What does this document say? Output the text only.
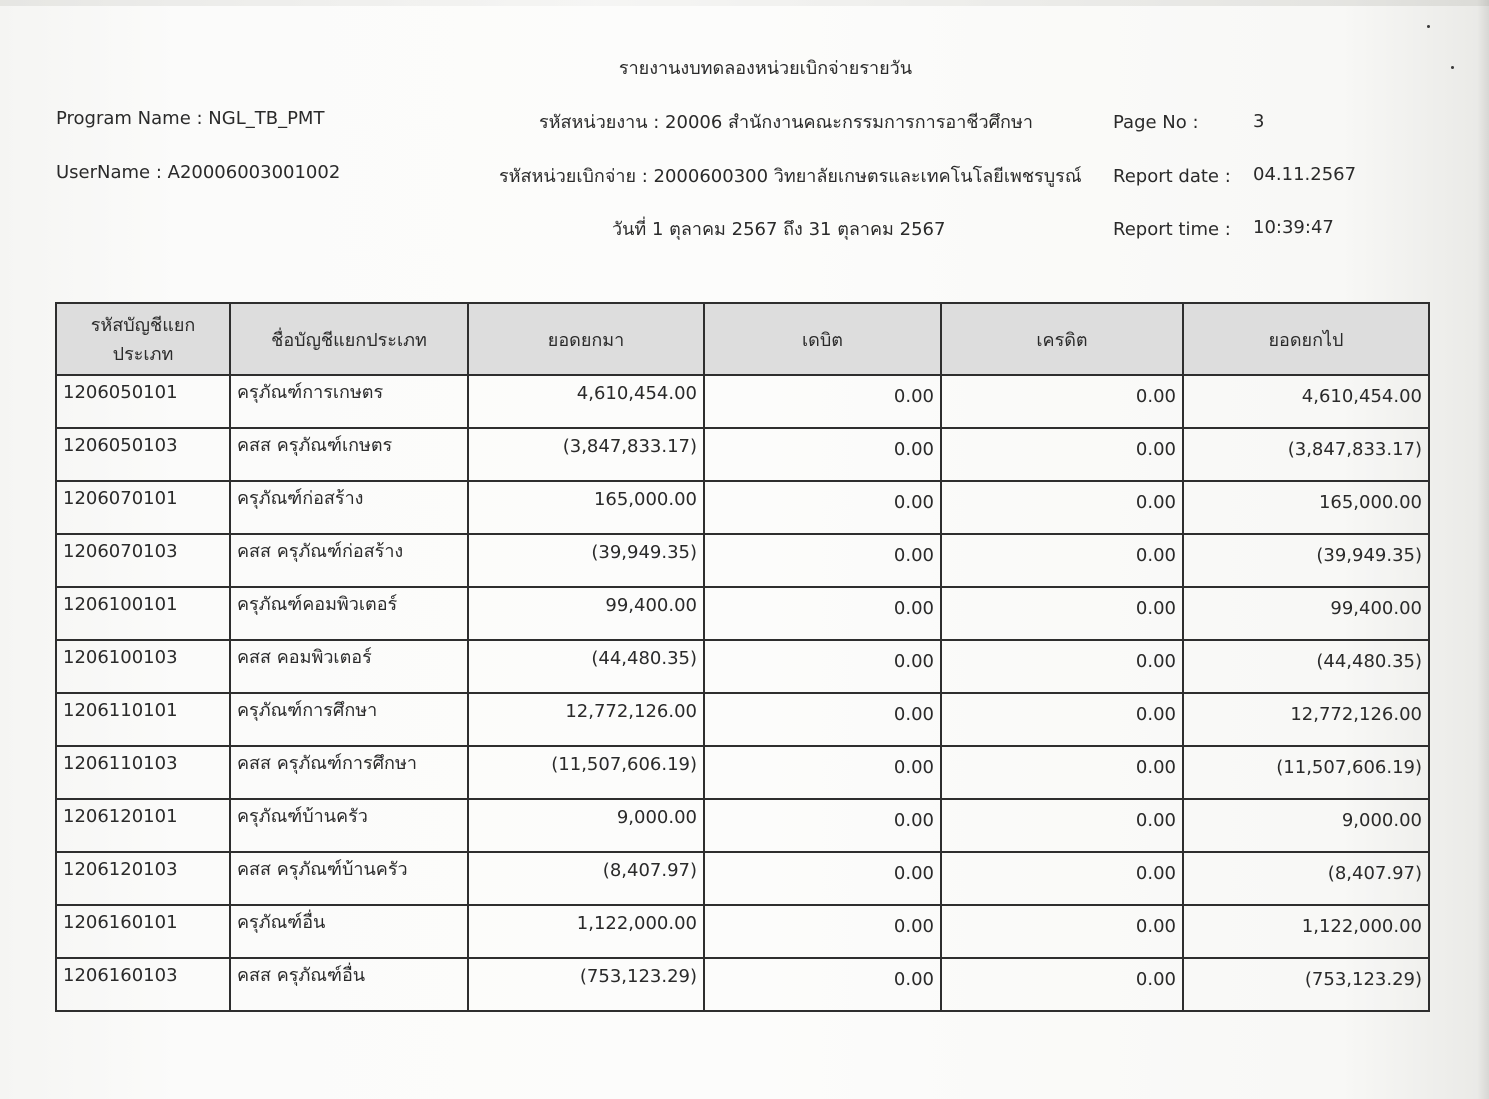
รายงานงบทดลองหน่วยเบิกจ่ายรายวัน
Program Name : NGL_TB_PMT
UserName : A20006003001002
รหัสหน่วยงาน : 20006 สำนักงานคณะกรรมการการอาชีวศึกษา
รหัสหน่วยเบิกจ่าย : 2000600300 วิทยาลัยเกษตรและเทคโนโลยีเพชรบูรณ์
วันที่ 1 ตุลาคม 2567 ถึง 31 ตุลาคม 2567
Page No :	3
Report date : 04.11.2567
Report time : 10:39:47
รหัสบัญชีแยกประเภท	ชื่อบัญชีแยกประเภท	ยอดยกมา	เดบิต	เครดิต	ยอดยกไป
1206050101	ครุภัณฑ์การเกษตร	4,610,454.00	0.00	0.00	4,610,454.00
1206050103	คสส ครุภัณฑ์เกษตร	(3,847,833.17)	0.00	0.00	(3,847,833.17)
1206070101	ครุภัณฑ์ก่อสร้าง	165,000.00	0.00	0.00	165,000.00
1206070103	คสส ครุภัณฑ์ก่อสร้าง	(39,949.35)	0.00	0.00	(39,949.35)
1206100101	ครุภัณฑ์คอมพิวเตอร์	99,400.00	0.00	0.00	99,400.00
1206100103	คสส คอมพิวเตอร์	(44,480.35)	0.00	0.00	(44,480.35)
1206110101	ครุภัณฑ์การศึกษา	12,772,126.00	0.00	0.00	12,772,126.00
1206110103	คสส ครุภัณฑ์การศึกษา	(11,507,606.19)	0.00	0.00	(11,507,606.19)
1206120101	ครุภัณฑ์บ้านครัว	9,000.00	0.00	0.00	9,000.00
1206120103	คสส ครุภัณฑ์บ้านครัว	(8,407.97)	0.00	0.00	(8,407.97)
1206160101	ครุภัณฑ์อื่น	1,122,000.00	0.00	0.00	1,122,000.00
1206160103	คสส ครุภัณฑ์อื่น	(753,123.29)	0.00	0.00	(753,123.29)
